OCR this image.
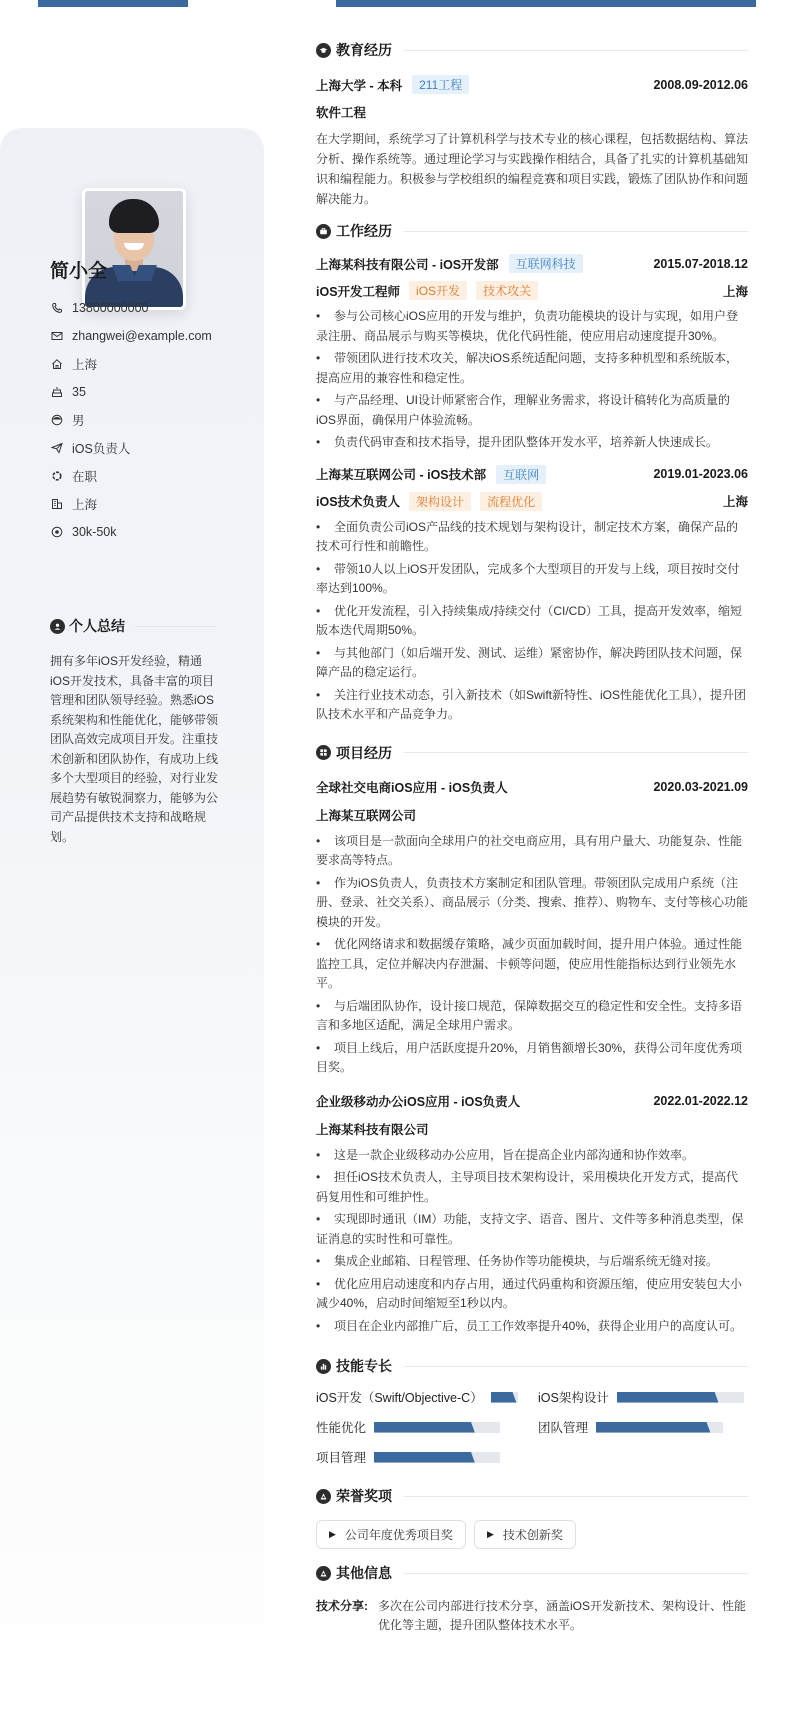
简小全
13800000000
zhangwei@example.com
上海
35
男
iOS负责人
在职
上海
30k-50k
个人总结
拥有多年iOS开发经验，精通iOS开发技术，具备丰富的项目管理和团队领导经验。熟悉iOS系统架构和性能优化，能够带领团队高效完成项目开发。注重技术创新和团队协作，有成功上线多个大型项目的经验，对行业发展趋势有敏锐洞察力，能够为公司产品提供技术支持和战略规划。
教育经历
上海大学 - 本科	211工程	2008.09-2012.06
软件工程

在大学期间，系统学习了计算机科学与技术专业的核心课程，包括数据结构、算法分析、操作系统等。通过理论学习与实践操作相结合，具备了扎实的计算机基础知识和编程能力。积极参与学校组织的编程竞赛和项目实践，锻炼了团队协作和问题解决能力。

工作经历
上海某科技有限公司 - iOS开发部	互联网科技	2015.07-2018.12
iOS开发工程师	iOS开发	技术攻关	上海
• 参与公司核心iOS应用的开发与维护，负责功能模块的设计与实现，如用户登录注册、商品展示与购买等模块，优化代码性能，使应用启动速度提升30%。
• 带领团队进行技术攻关，解决iOS系统适配问题，支持多种机型和系统版本，提高应用的兼容性和稳定性。
• 与产品经理、UI设计师紧密合作，理解业务需求，将设计稿转化为高质量的iOS界面，确保用户体验流畅。
• 负责代码审查和技术指导，提升团队整体开发水平，培养新人快速成长。
上海某互联网公司 - iOS技术部	互联网	2019.01-2023.06
iOS技术负责人	架构设计	流程优化	上海
• 全面负责公司iOS产品线的技术规划与架构设计，制定技术方案，确保产品的技术可行性和前瞻性。
• 带领10人以上iOS开发团队，完成多个大型项目的开发与上线，项目按时交付率达到100%。
• 优化开发流程，引入持续集成/持续交付（CI/CD）工具，提高开发效率，缩短版本迭代周期50%。
• 与其他部门（如后端开发、测试、运维）紧密协作，解决跨团队技术问题，保障产品的稳定运行。
• 关注行业技术动态，引入新技术（如Swift新特性、iOS性能优化工具），提升团队技术水平和产品竞争力。
项目经历
全球社交电商iOS应用 - iOS负责人	2020.03-2021.09
上海某互联网公司
• 该项目是一款面向全球用户的社交电商应用，具有用户量大、功能复杂、性能要求高等特点。
• 作为iOS负责人，负责技术方案制定和团队管理。带领团队完成用户系统（注册、登录、社交关系）、商品展示（分类、搜索、推荐）、购物车、支付等核心功能模块的开发。
• 优化网络请求和数据缓存策略，减少页面加载时间，提升用户体验。通过性能监控工具，定位并解决内存泄漏、卡顿等问题，使应用性能指标达到行业领先水平。
• 与后端团队协作，设计接口规范，保障数据交互的稳定性和安全性。支持多语言和多地区适配，满足全球用户需求。
• 项目上线后，用户活跃度提升20%，月销售额增长30%，获得公司年度优秀项目奖。
企业级移动办公iOS应用 - iOS负责人	2022.01-2022.12
上海某科技有限公司
• 这是一款企业级移动办公应用，旨在提高企业内部沟通和协作效率。
• 担任iOS技术负责人，主导项目技术架构设计，采用模块化开发方式，提高代码复用性和可维护性。
• 实现即时通讯（IM）功能，支持文字、语音、图片、文件等多种消息类型，保证消息的实时性和可靠性。
• 集成企业邮箱、日程管理、任务协作等功能模块，与后端系统无缝对接。
• 优化应用启动速度和内存占用，通过代码重构和资源压缩，使应用安装包大小减少40%，启动时间缩短至1秒以内。
• 项目在企业内部推广后，员工工作效率提升40%，获得企业用户的高度认可。
技能专长
iOS开发（Swift/Objective-C）	iOS架构设计
性能优化	团队管理
项目管理
荣誉奖项
▶ 公司年度优秀项目奖	▶ 技术创新奖
其他信息
技术分享: 多次在公司内部进行技术分享，涵盖iOS开发新技术、架构设计、性能优化等主题，提升团队整体技术水平。
